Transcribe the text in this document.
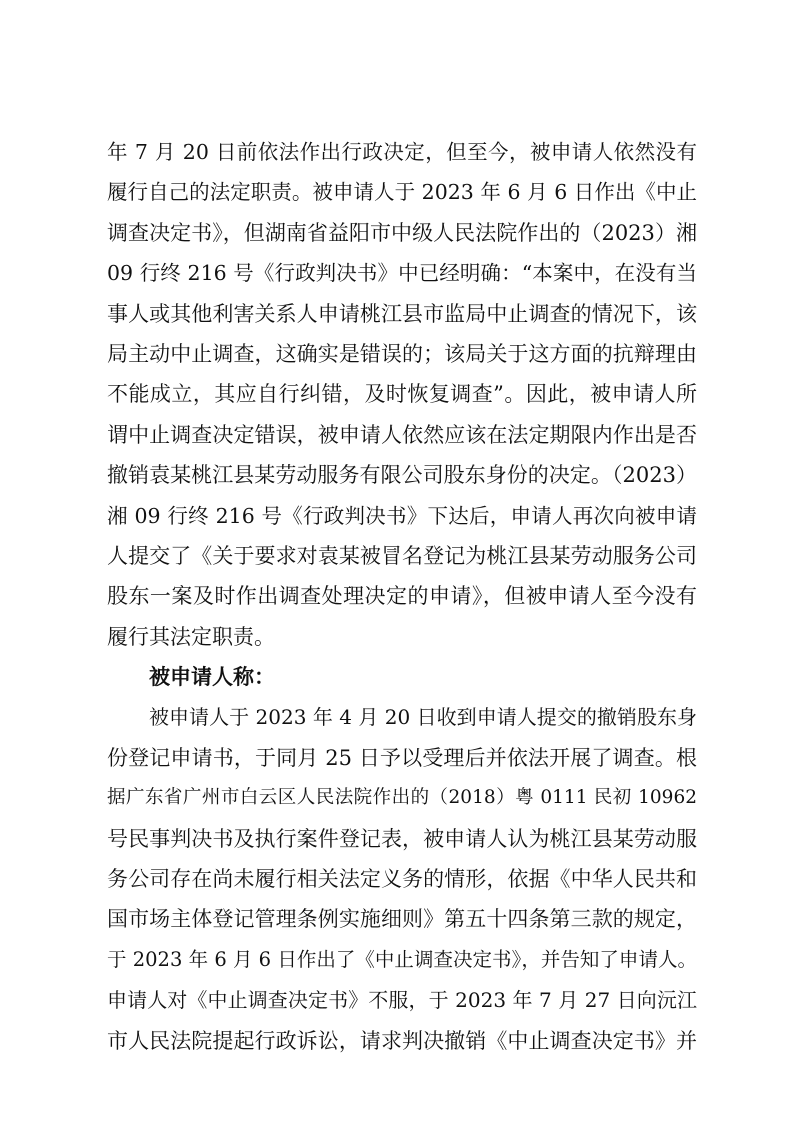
年 7 月 20 日前依法作出行政决定，但至今，被申请人依然没有
履行自己的法定职责。被申请人于 2023 年 6 月 6 日作出《中止
调查决定书》，但湖南省益阳市中级人民法院作出的（2023）湘
09 行终 216 号《行政判决书》中已经明确：“本案中，在没有当
事人或其他利害关系人申请桃江县市监局中止调查的情况下，该
局主动中止调查，这确实是错误的；该局关于这方面的抗辩理由
不能成立，其应自行纠错，及时恢复调查”。因此，被申请人所
谓中止调查决定错误，被申请人依然应该在法定期限内作出是否
撤销袁某桃江县某劳动服务有限公司股东身份的决定。（2023）
湘 09 行终 216 号《行政判决书》下达后，申请人再次向被申请
人提交了《关于要求对袁某被冒名登记为桃江县某劳动服务公司
股东一案及时作出调查处理决定的申请》，但被申请人至今没有
履行其法定职责。
被申请人称：
被申请人于 2023 年 4 月 20 日收到申请人提交的撤销股东身
份登记申请书，于同月 25 日予以受理后并依法开展了调查。根
据广东省广州市白云区人民法院作出的（2018）粤 0111 民初 10962
号民事判决书及执行案件登记表，被申请人认为桃江县某劳动服
务公司存在尚未履行相关法定义务的情形，依据《中华人民共和
国市场主体登记管理条例实施细则》第五十四条第三款的规定，
于 2023 年 6 月 6 日作出了《中止调查决定书》，并告知了申请人。
申请人对《中止调查决定书》不服，于 2023 年 7 月 27 日向沅江
市人民法院提起行政诉讼，请求判决撤销《中止调查决定书》并
